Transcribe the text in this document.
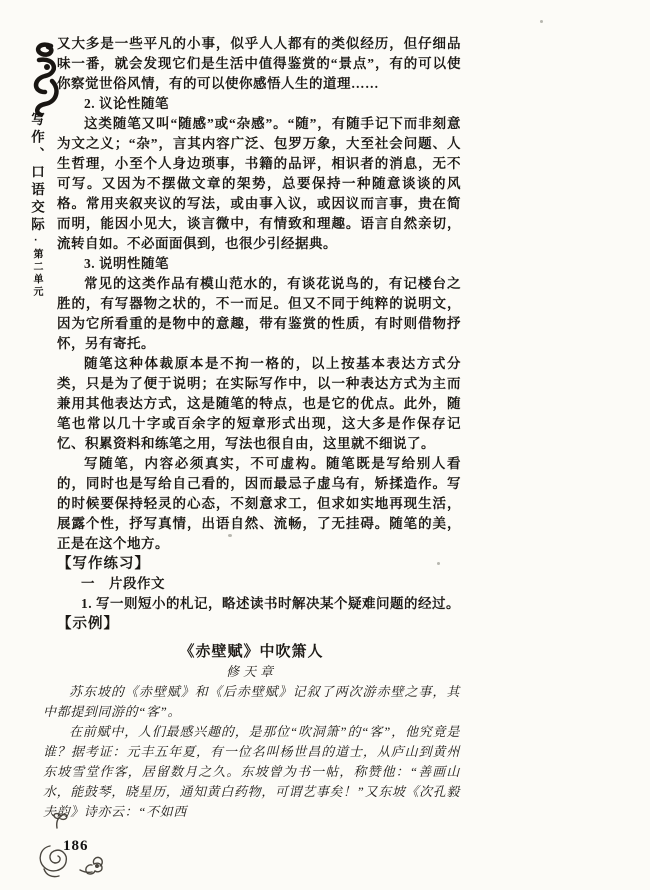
写作、口语交际·第二单元

又大多是一些平凡的小事，似乎人人都有的类似经历，但仔细品味一番，就会发现它们是生活中值得鉴赏的“景点”，有的可以使你察觉世俗风情，有的可以使你感悟人生的道理……

2. 议论性随笔

这类随笔又叫“随感”或“杂感”。“随”，有随手记下而非刻意为文之义；“杂”，言其内容广泛、包罗万象，大至社会问题、人生哲理，小至个人身边琐事，书籍的品评，相识者的消息，无不可写。又因为不摆做文章的架势，总要保持一种随意谈谈的风格。常用夹叙夹议的写法，或由事入议，或因议而言事，贵在简而明，能因小见大，谈言微中，有情致和理趣。语言自然亲切，流转自如。不必面面俱到，也很少引经据典。

3. 说明性随笔

常见的这类作品有模山范水的，有谈花说鸟的，有记楼台之胜的，有写器物之状的，不一而足。但又不同于纯粹的说明文，因为它所看重的是物中的意趣，带有鉴赏的性质，有时则借物抒怀，另有寄托。

随笔这种体裁原本是不拘一格的，以上按基本表达方式分类，只是为了便于说明；在实际写作中，以一种表达方式为主而兼用其他表达方式，这是随笔的特点，也是它的优点。此外，随笔也常以几十字或百余字的短章形式出现，这大多是作保存记忆、积累资料和练笔之用，写法也很自由，这里就不细说了。

写随笔，内容必须真实，不可虚构。随笔既是写给别人看的，同时也是写给自己看的，因而最忌子虚乌有，矫揉造作。写的时候要保持轻灵的心态，不刻意求工，但求如实地再现生活，展露个性，抒写真情，出语自然、流畅，了无挂碍。随笔的美，正是在这个地方。

【写作练习】

一　片段作文

1. 写一则短小的札记，略述读书时解决某个疑难问题的经过。

【示例】

《赤壁赋》中吹箫人

修天章

苏东坡的《赤壁赋》和《后赤壁赋》记叙了两次游赤壁之事，其中都提到同游的“客”。

在前赋中，人们最感兴趣的，是那位“吹洞箫”的“客”，他究竟是谁？据考证：元丰五年夏，有一位名叫杨世昌的道士，从庐山到黄州东坡雪堂作客，居留数月之久。东坡曾为书一帖，称赞他：“善画山水，能鼓琴，晓星历，通知黄白药物，可谓艺事矣！”又东坡《次孔毅夫韵》诗亦云：“不如西

186
